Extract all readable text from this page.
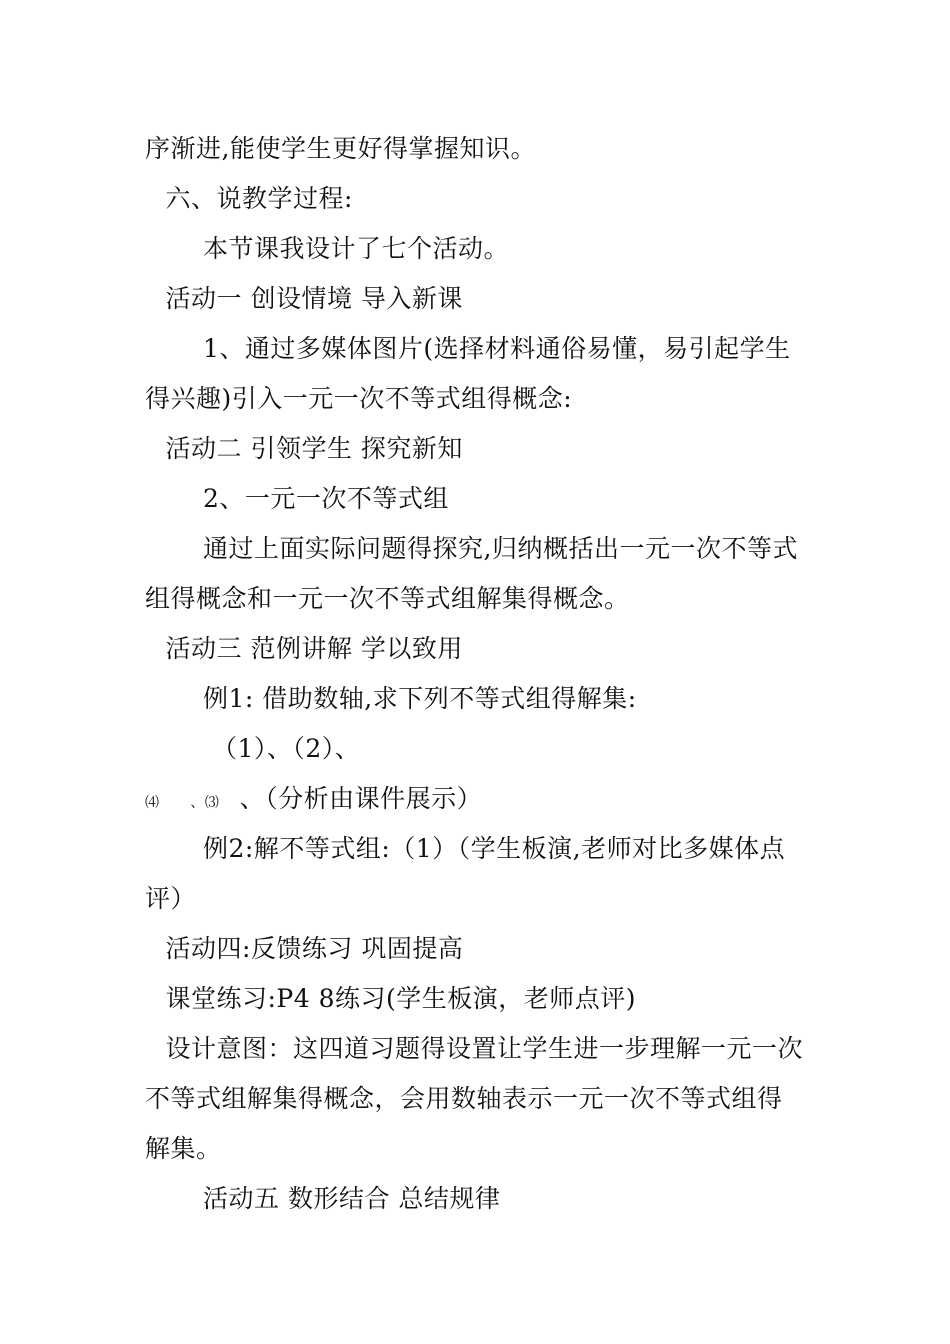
序渐进,能使学生更好得掌握知识。
六、说教学过程:
本节课我设计了七个活动。
活动一 创设情境 导入新课
1、通过多媒体图片(选择材料通俗易懂，易引起学生
得兴趣)引入一元一次不等式组得概念:
活动二 引领学生 探究新知
2、一元一次不等式组
通过上面实际问题得探究,归纳概括出一元一次不等式
组得概念和一元一次不等式组解集得概念。
活动三 范例讲解 学以致用
例1: 借助数轴,求下列不等式组得解集:
（1）、（2）、
⑷ 、⑶ 、（分析由课件展示）
例2:解不等式组:（1）（学生板演,老师对比多媒体点
评）
活动四:反馈练习 巩固提高
课堂练习:P4 8练习(学生板演，老师点评)
设计意图：这四道习题得设置让学生进一步理解一元一次
不等式组解集得概念，会用数轴表示一元一次不等式组得
解集。
活动五 数形结合 总结规律
